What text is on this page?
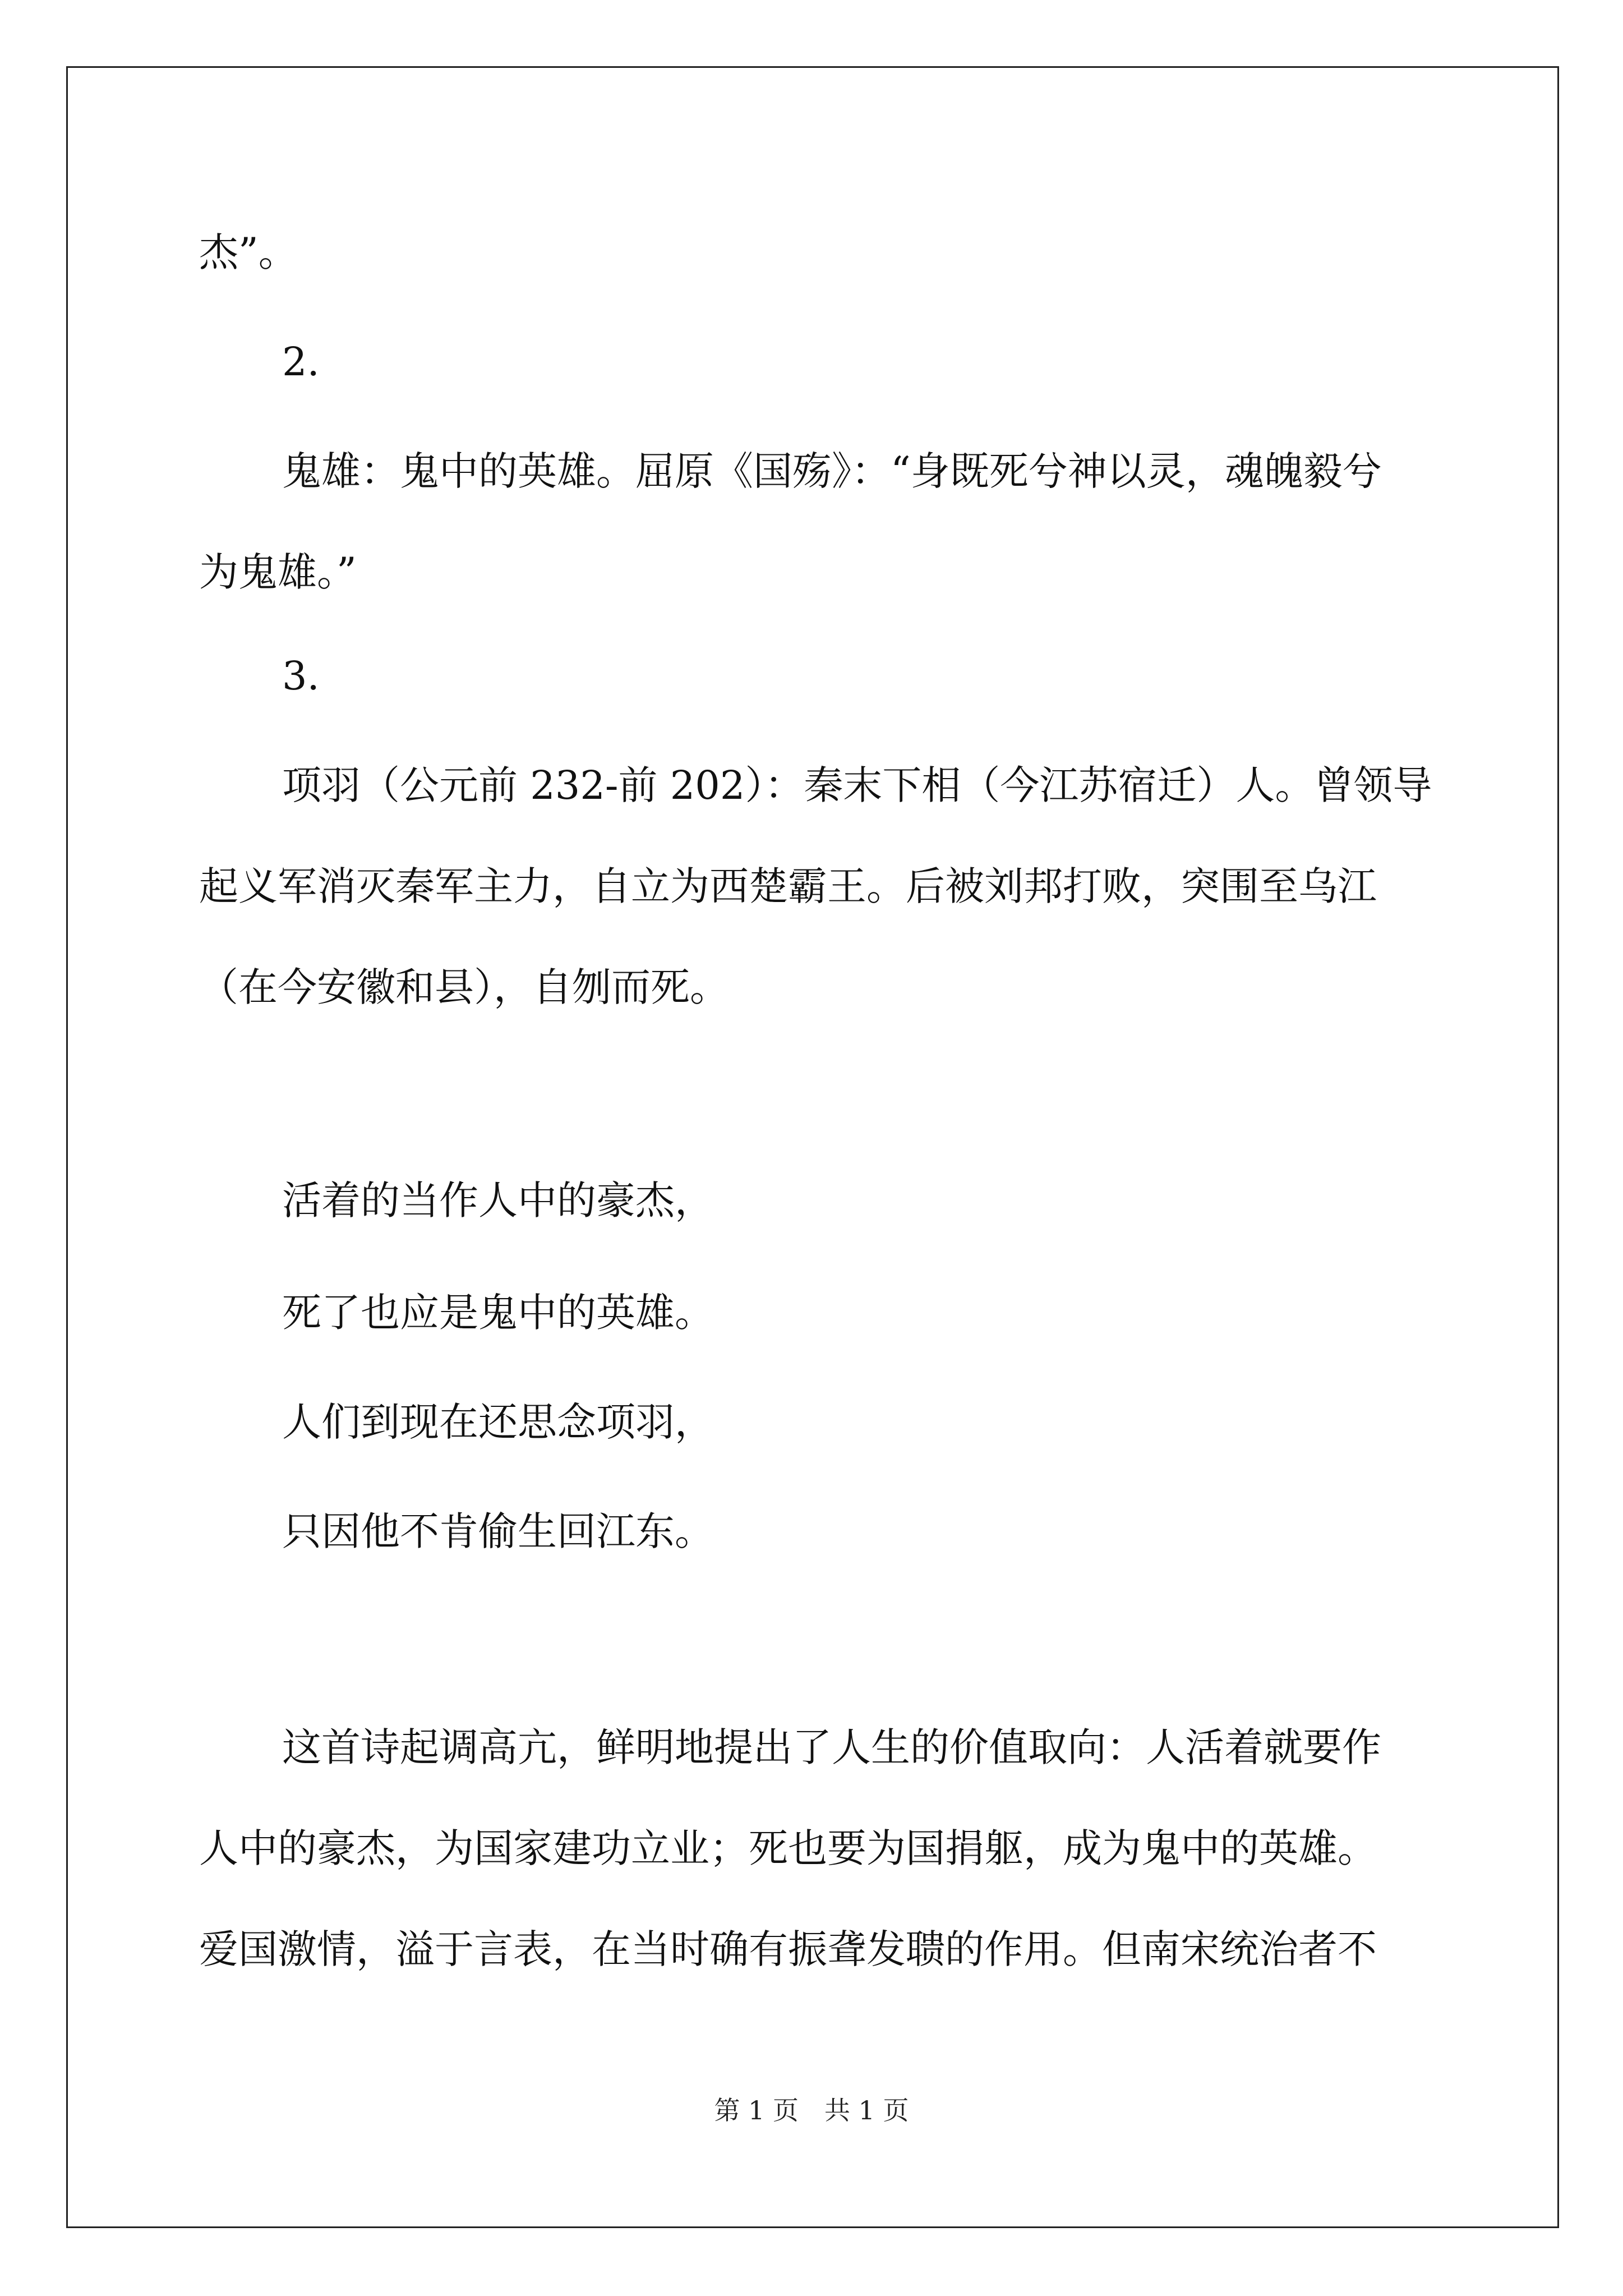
杰”。
2.
鬼雄：鬼中的英雄。屈原《国殇》：“身既死兮神以灵，魂魄毅兮
为鬼雄。”
3.
项羽（公元前 232-前 202）：秦末下相（今江苏宿迁）人。曾领导
起义军消灭秦军主力，自立为西楚霸王。后被刘邦打败，突围至乌江
（在今安徽和县），自刎而死。
活着的当作人中的豪杰，
死了也应是鬼中的英雄。
人们到现在还思念项羽，
只因他不肯偷生回江东。
这首诗起调高亢，鲜明地提出了人生的价值取向：人活着就要作
人中的豪杰，为国家建功立业；死也要为国捐躯，成为鬼中的英雄。
爱国激情，溢于言表，在当时确有振聋发聩的作用。但南宋统治者不
第 1 页　共 1 页
